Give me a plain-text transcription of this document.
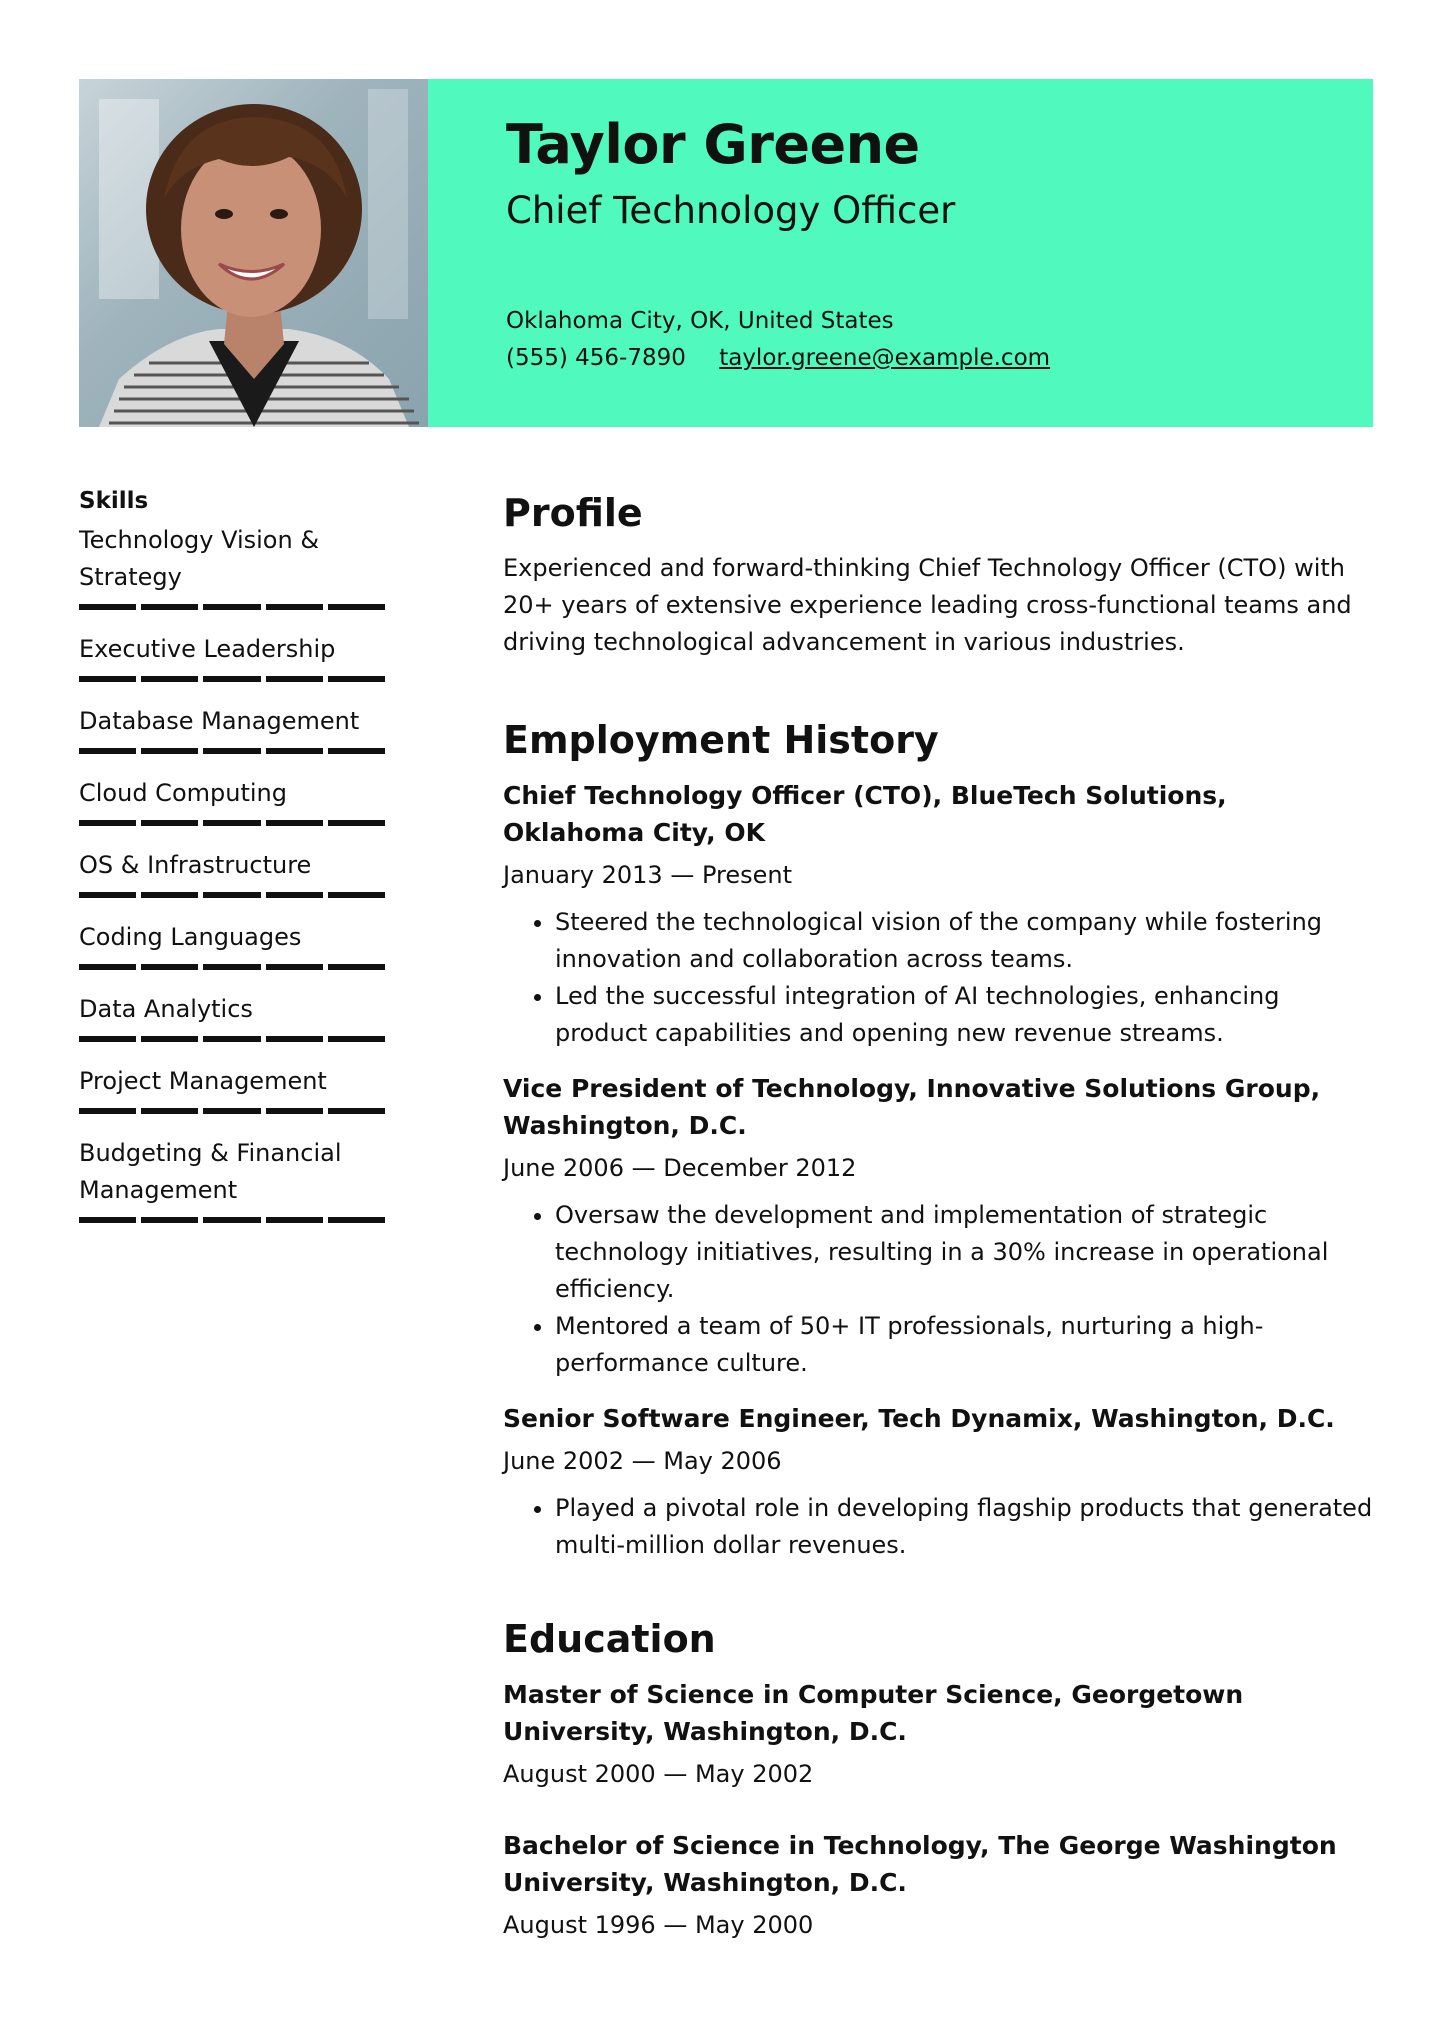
Taylor Greene
Chief Technology Officer
Oklahoma City, OK, United States
(555) 456-7890 taylor.greene@example.com
Skills
Technology Vision & Strategy
Executive Leadership
Database Management
Cloud Computing
OS & Infrastructure
Coding Languages
Data Analytics
Project Management
Budgeting & Financial Management
Profile

Experienced and forward-thinking Chief Technology Officer (CTO) with 20+ years of extensive experience leading cross-functional teams and driving technological advancement in various industries.

Employment History
Chief Technology Officer (CTO), BlueTech Solutions, Oklahoma City, OK
January 2013 — Present
• Steered the technological vision of the company while fostering innovation and collaboration across teams.
• Led the successful integration of AI technologies, enhancing product capabilities and opening new revenue streams.
Vice President of Technology, Innovative Solutions Group, Washington, D.C.
June 2006 — December 2012
• Oversaw the development and implementation of strategic technology initiatives, resulting in a 30% increase in operational efficiency.
• Mentored a team of 50+ IT professionals, nurturing a high-performance culture.
Senior Software Engineer, Tech Dynamix, Washington, D.C.
June 2002 — May 2006
• Played a pivotal role in developing flagship products that generated multi-million dollar revenues.
Education
Master of Science in Computer Science, Georgetown University, Washington, D.C.
August 2000 — May 2002
Bachelor of Science in Technology, The George Washington University, Washington, D.C.
August 1996 — May 2000
